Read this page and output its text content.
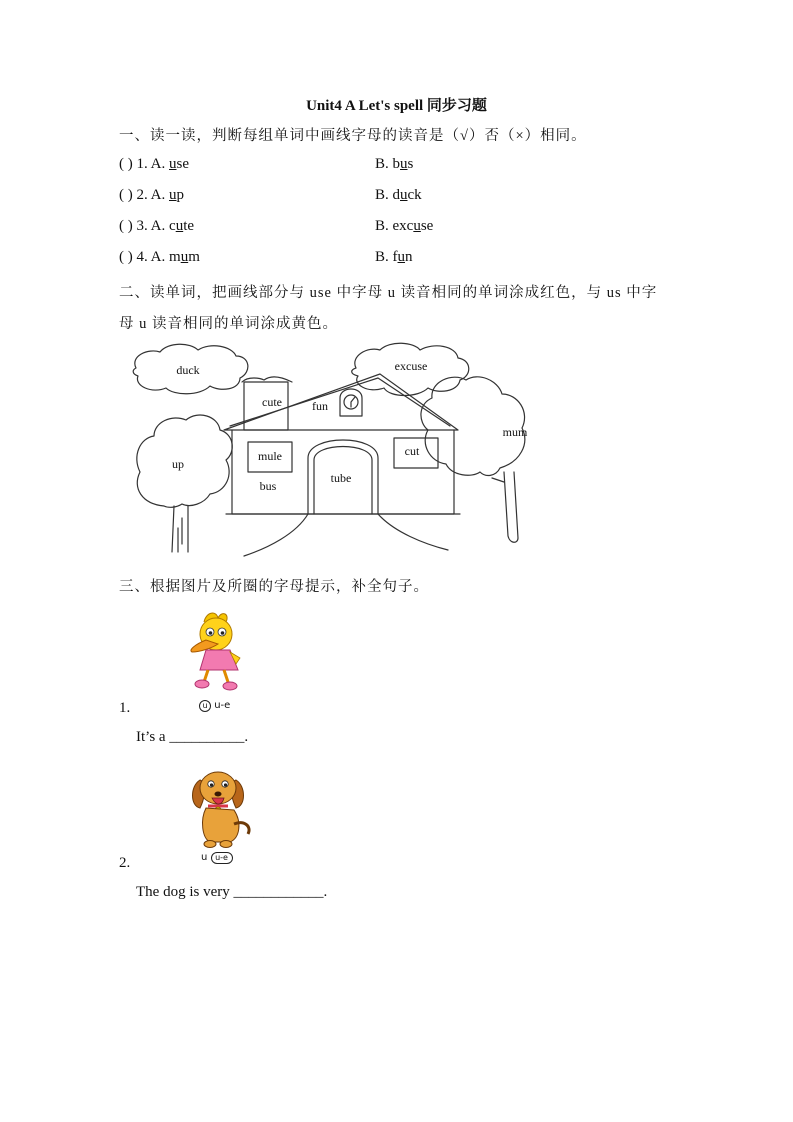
Unit4 A Let's spell 同步习题
一、读一读，判断每组单词中画线字母的读音是（√）否（×）相同。
( ) 1. A. use	B. bus
( ) 2. A. up	B. duck
( ) 3. A. cute	B. excuse
( ) 4. A. mum	B. fun
二、读单词，把画线部分与 use 中字母 u 读音相同的单词涂成红色，与 us 中字
母 u 读音相同的单词涂成黄色。
duck	excuse
cute	fun
mum
up
mule	cut
bus
tube
三、根据图片及所圈的字母提示，补全句子。
1.	u u-e
It’s a __________.
2.	u u-e
The dog is very ____________.
